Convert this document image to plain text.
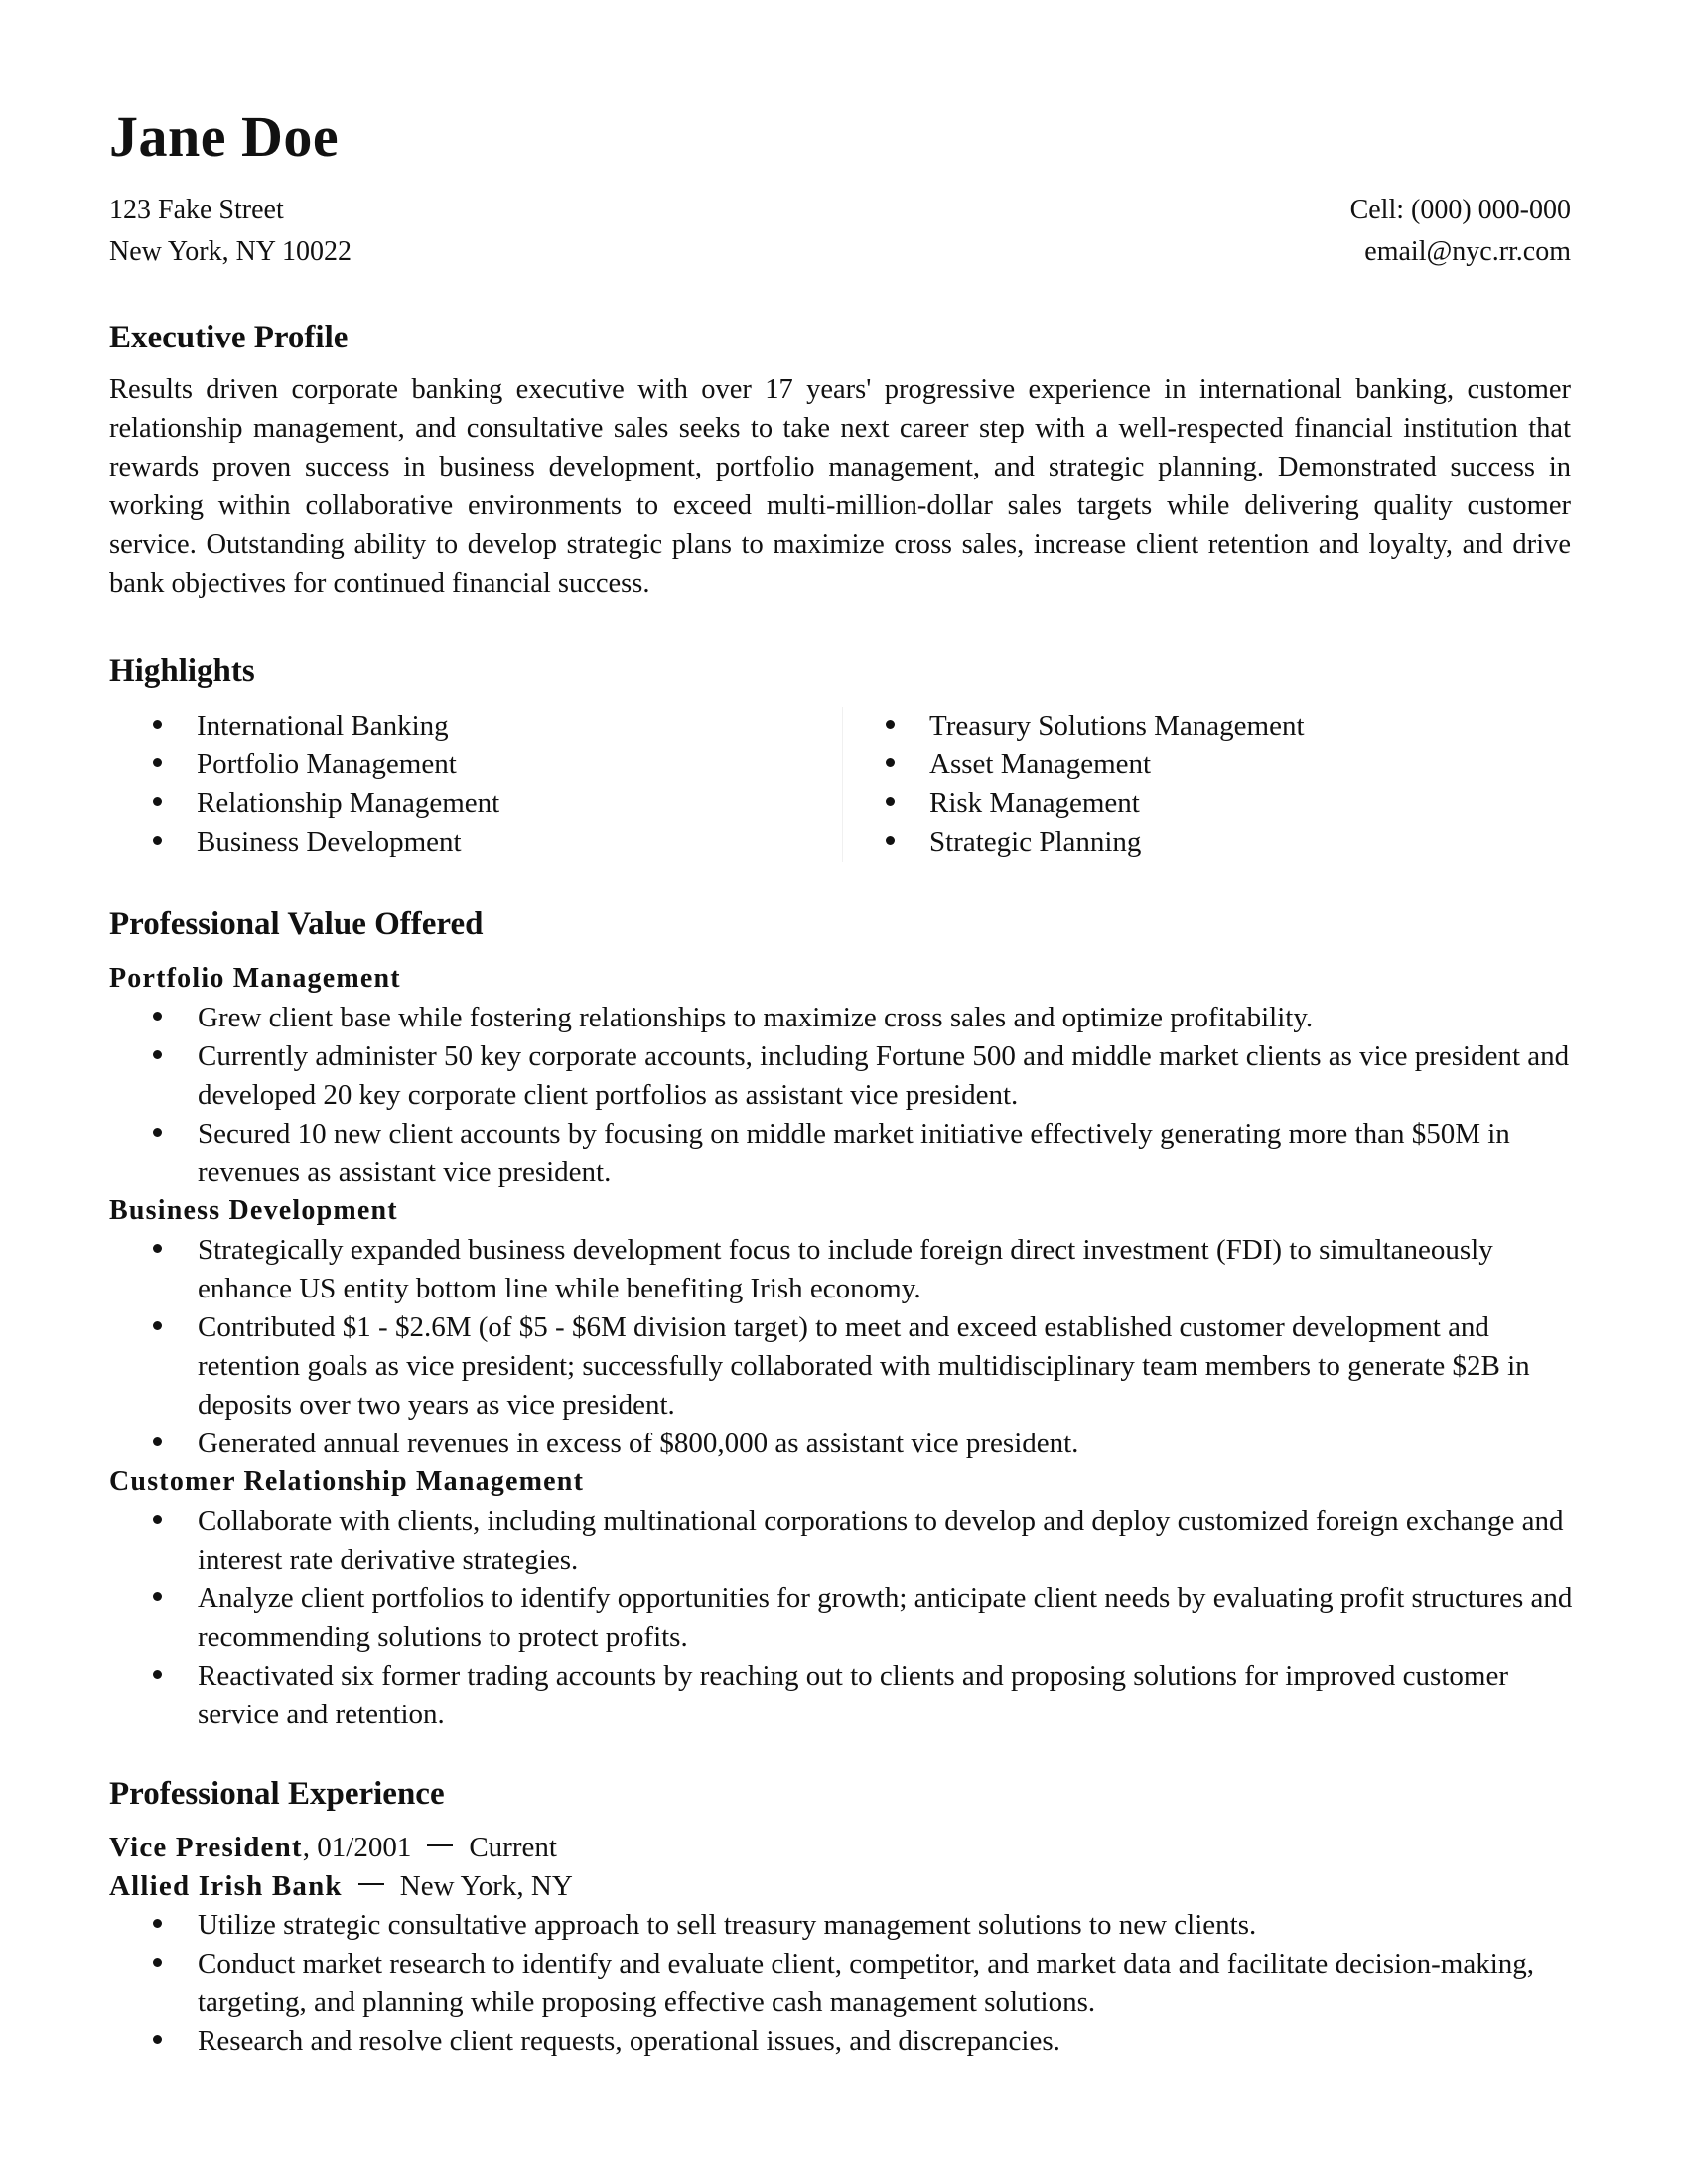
Jane Doe
123 Fake Street
New York, NY 10022
Cell: (000) 000-000
email@nyc.rr.com
Executive Profile

Results driven corporate banking executive with over 17 years' progressive experience in international banking, customer relationship management, and consultative sales seeks to take next career step with a well-respected financial institution that rewards proven success in business development, portfolio management, and strategic planning. Demonstrated success in working within collaborative environments to exceed multi-million-dollar sales targets while delivering quality customer service. Outstanding ability to develop strategic plans to maximize cross sales, increase client retention and loyalty, and drive bank objectives for continued financial success.

Highlights
International Banking
Portfolio Management
Relationship Management
Business Development
Treasury Solutions Management
Asset Management
Risk Management
Strategic Planning
Professional Value Offered
Portfolio Management
Grew client base while fostering relationships to maximize cross sales and optimize profitability.
Currently administer 50 key corporate accounts, including Fortune 500 and middle market clients as vice president and developed 20 key corporate client portfolios as assistant vice president.
Secured 10 new client accounts by focusing on middle market initiative effectively generating more than $50M in revenues as assistant vice president.
Business Development
Strategically expanded business development focus to include foreign direct investment (FDI) to simultaneously enhance US entity bottom line while benefiting Irish economy.
Contributed $1 - $2.6M (of $5 - $6M division target) to meet and exceed established customer development and retention goals as vice president; successfully collaborated with multidisciplinary team members to generate $2B in deposits over two years as vice president.
Generated annual revenues in excess of $800,000 as assistant vice president.
Customer Relationship Management
Collaborate with clients, including multinational corporations to develop and deploy customized foreign exchange and interest rate derivative strategies.
Analyze client portfolios to identify opportunities for growth; anticipate client needs by evaluating profit structures and recommending solutions to protect profits.
Reactivated six former trading accounts by reaching out to clients and proposing solutions for improved customer service and retention.
Professional Experience
Vice President, 01/2001 Current
Allied Irish Bank New York, NY
Utilize strategic consultative approach to sell treasury management solutions to new clients.
Conduct market research to identify and evaluate client, competitor, and market data and facilitate decision-making, targeting, and planning while proposing effective cash management solutions.
Research and resolve client requests, operational issues, and discrepancies.
